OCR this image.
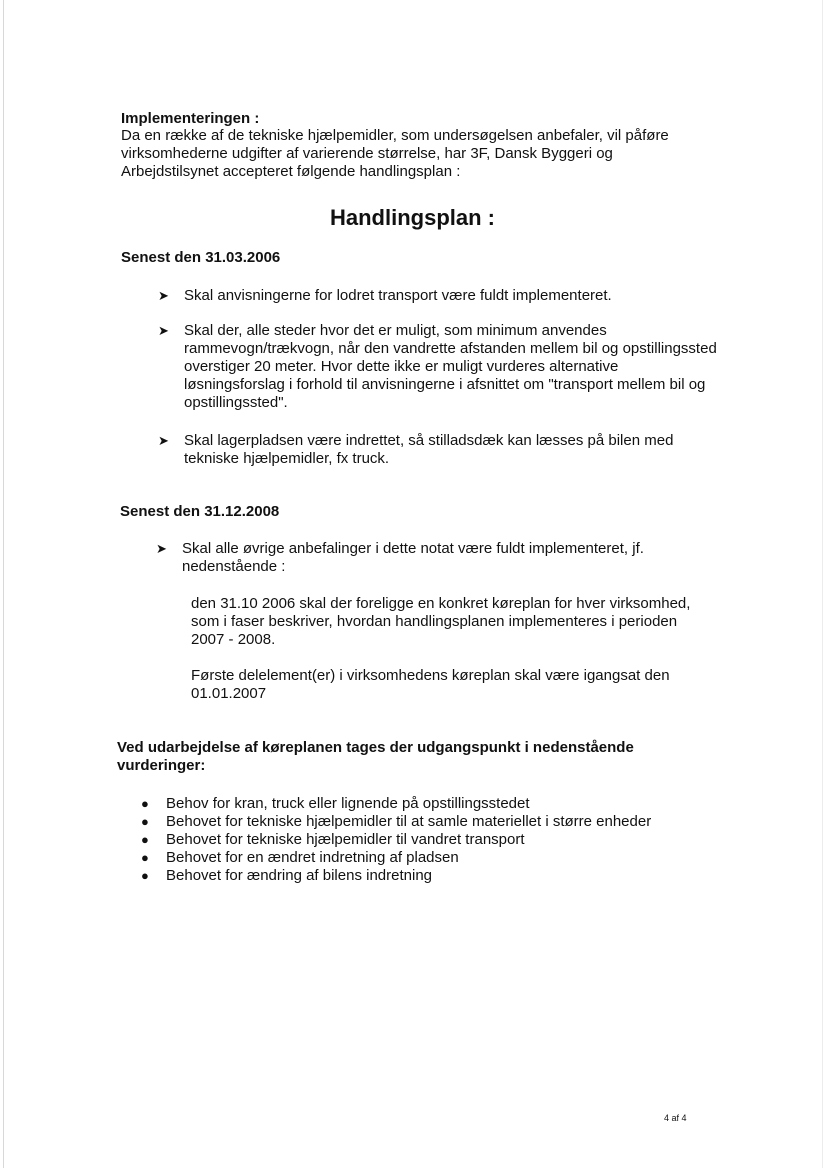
Implementeringen :

Da en række af de tekniske hjælpemidler, som undersøgelsen anbefaler, vil påføre virksomhederne udgifter af varierende størrelse, har 3F, Dansk Byggeri og Arbejdstilsynet accepteret følgende handlingsplan :

Handlingsplan :
Senest den 31.03.2006
➤	Skal anvisningerne for lodret transport være fuldt implementeret.
➤	Skal der, alle steder hvor det er muligt, som minimum anvendes rammevogn/trækvogn, når den vandrette afstanden mellem bil og opstillingssted overstiger 20 meter. Hvor dette ikke er muligt vurderes alternative løsningsforslag i forhold til anvisningerne i afsnittet om "transport mellem bil og opstillingssted".
➤	Skal lagerpladsen være indrettet, så stilladsdæk kan læsses på bilen med tekniske hjælpemidler, fx truck.
Senest den 31.12.2008
➤	Skal alle øvrige anbefalinger i dette notat være fuldt implementeret, jf. nedenstående :

den 31.10 2006 skal der foreligge en konkret køreplan for hver virksomhed, som i faser beskriver, hvordan handlingsplanen implementeres i perioden 2007 - 2008.

Første delelement(er) i virksomhedens køreplan skal være igangsat den 01.01.2007

Ved udarbejdelse af køreplanen tages der udgangspunkt i nedenstående vurderinger:
●	Behov for kran, truck eller lignende på opstillingsstedet
●	Behovet for tekniske hjælpemidler til at samle materiellet i større enheder
●	Behovet for tekniske hjælpemidler til vandret transport
●	Behovet for en ændret indretning af pladsen
●	Behovet for ændring af bilens indretning
4 af 4
